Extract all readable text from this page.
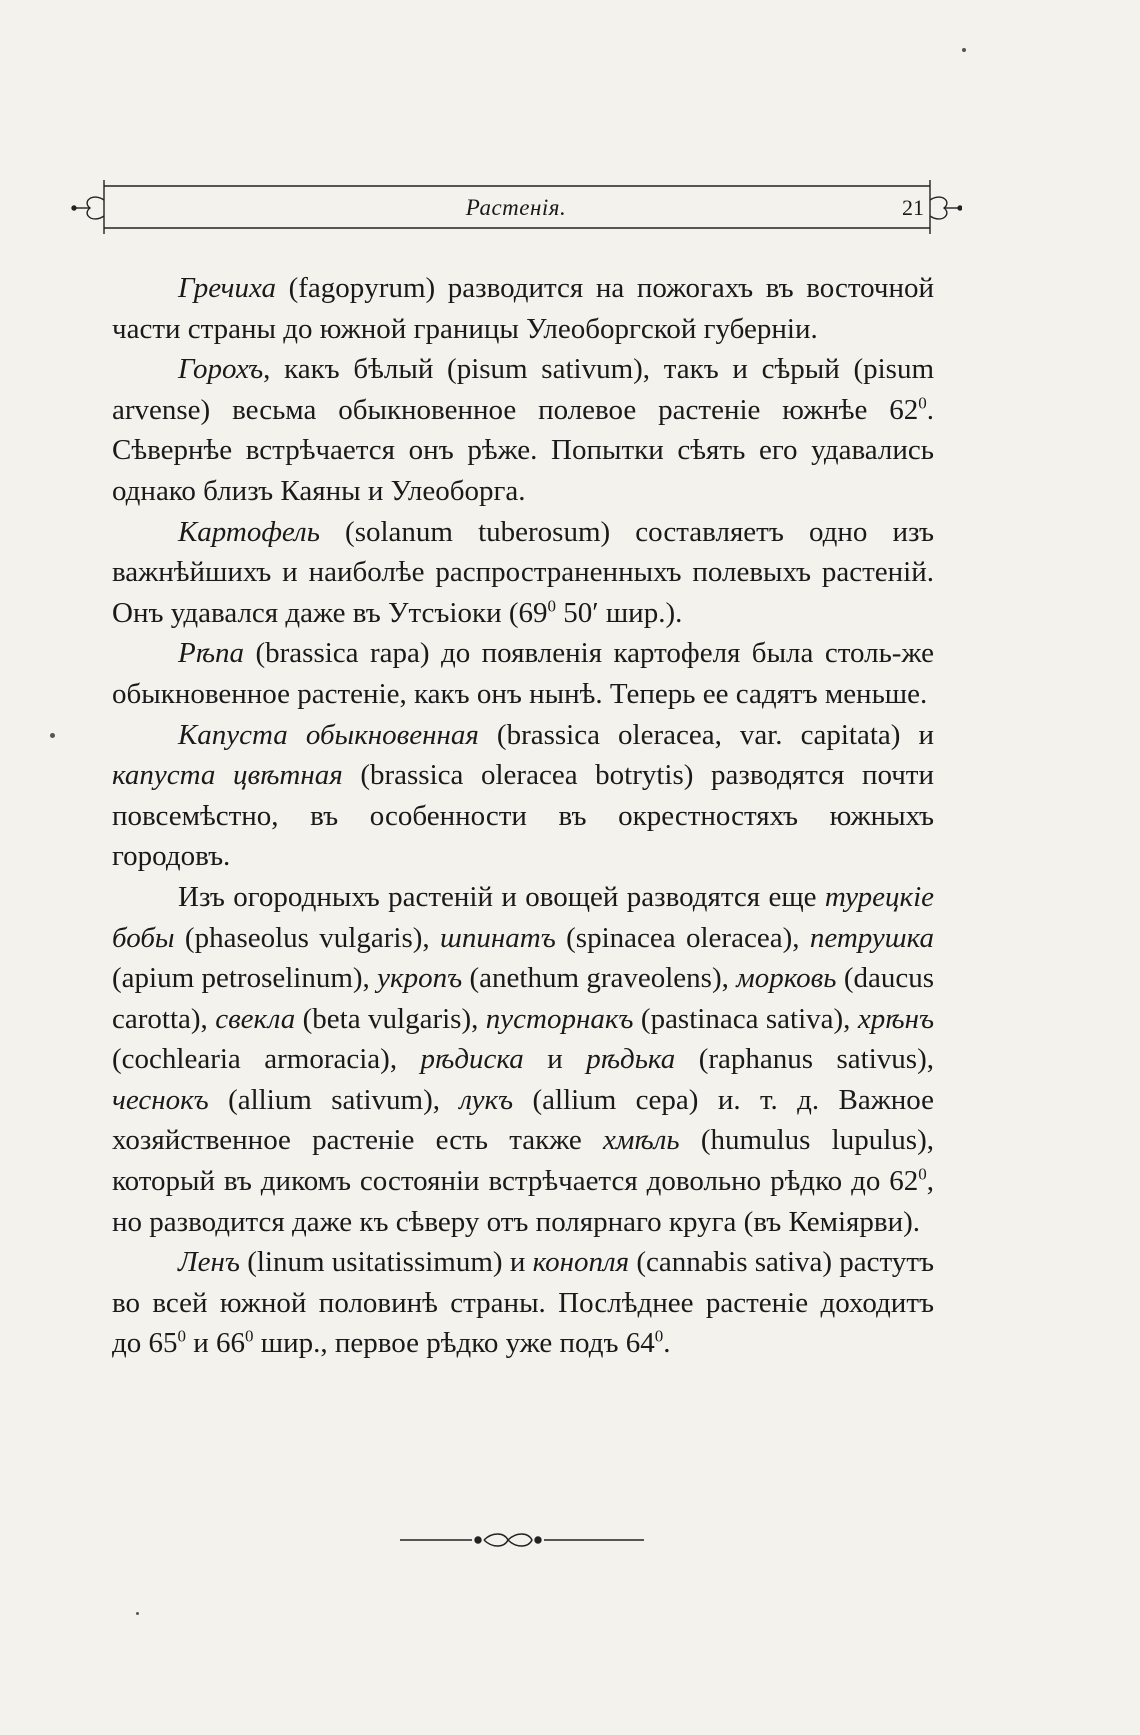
Растенія.	21

Гречиха (fagopyrum) разводится на пожогахъ въ восточной части страны до южной границы Улеоборгской губерніи.

Горохъ, какъ бѣлый (pisum sativum), такъ и сѣрый (pisum arvense) весьма обыкновенное полевое растеніе южнѣе $62^0$. Сѣвернѣе встрѣчается онъ рѣже. Попытки сѣять его удавались однако близъ Каяны и Улеоборга.

Картофель (solanum tuberosum) составляетъ одно изъ важнѣйшихъ и наиболѣе распространенныхъ полевыхъ растеній. Онъ удавался даже въ Утсъіоки ($69^0$ 50′ шир.).

Рѣпа (brassica rapa) до появленія картофеля была столь-же обыкновенное растеніе, какъ онъ нынѣ. Теперь ее садятъ меньше.

Капуста обыкновенная (brassica oleracea, var. capitata) и капуста цвѣтная (brassica oleracea botrytis) разводятся почти повсемѣстно, въ особенности въ окрестностяхъ южныхъ городовъ.

Изъ огородныхъ растеній и овощей разводятся еще турецкіе бобы (phaseolus vulgaris), шпинатъ (spinacea oleracea), петрушка (apium petroselinum), укропъ (anethum graveolens), морковь (daucus carotta), свекла (beta vulgaris), пусторнакъ (pastinaca sativa), хрѣнъ (cochlearia armoracia), рѣдиска и рѣдька (raphanus sativus), чеснокъ (allium sativum), лукъ (allium cepa) и. т. д. Важное хозяйственное растеніе есть также хмѣль (humulus lupulus), который въ дикомъ состояніи встрѣчается довольно рѣдко до $62^0$, но разводится даже къ сѣверу отъ полярнаго круга (въ Кеміярви).

Ленъ (linum usitatissimum) и конопля (cannabis sativa) растутъ во всей южной половинѣ страны. Послѣднее растеніе доходитъ до $65^0$ и $66^0$ шир., первое рѣдко уже подъ $64^0$.
